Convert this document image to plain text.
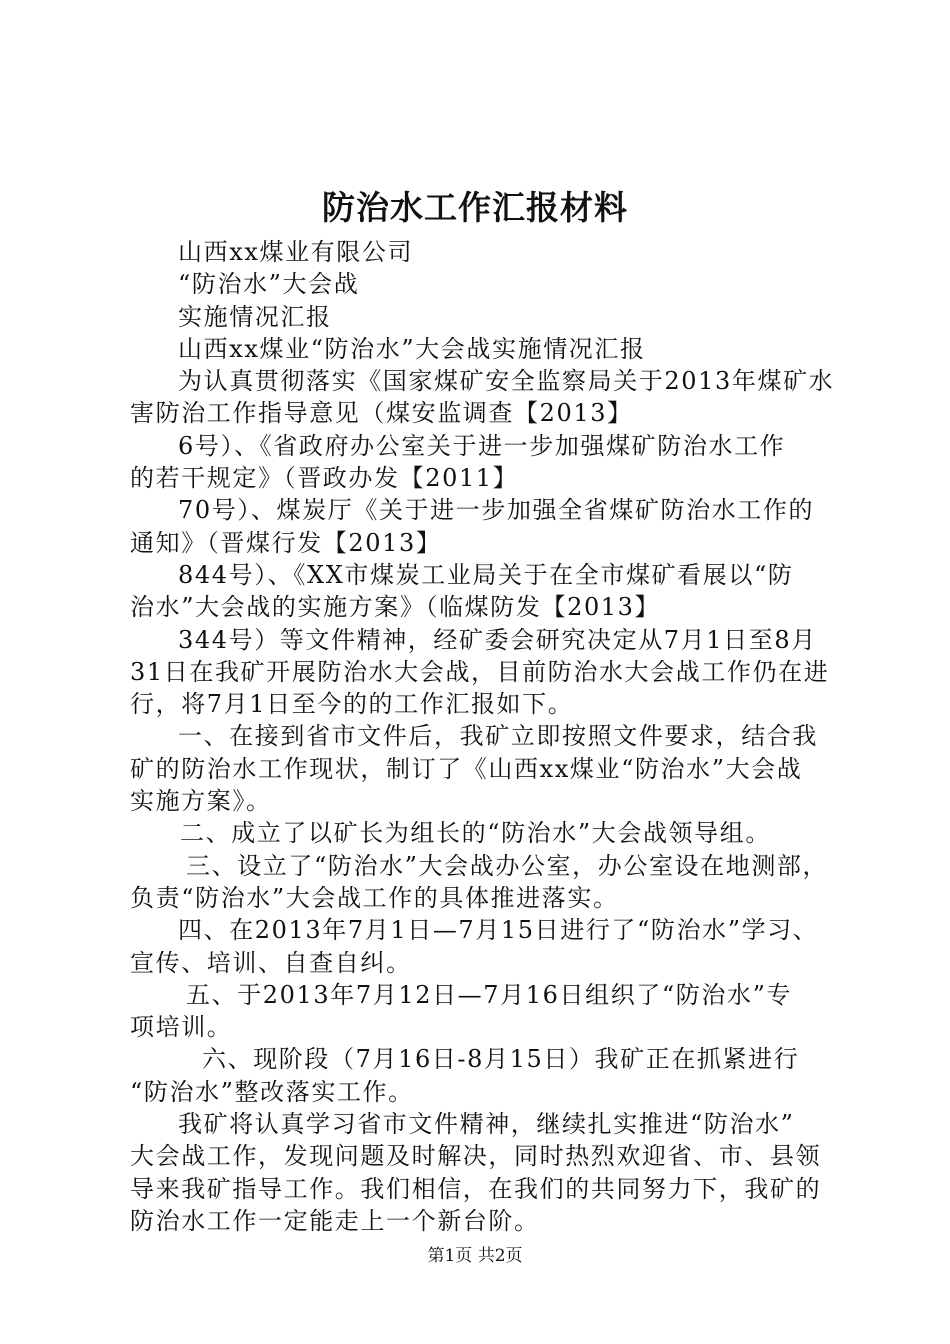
防治水工作汇报材料
山西xx煤业有限公司
“防治水”大会战
实施情况汇报
山西xx煤业“防治水”大会战实施情况汇报
为认真贯彻落实《国家煤矿安全监察局关于2013年煤矿水
害防治工作指导意见（煤安监调查【2013】
6号）、《省政府办公室关于进一步加强煤矿防治水工作
的若干规定》（晋政办发【2011】
70号）、煤炭厅《关于进一步加强全省煤矿防治水工作的
通知》（晋煤行发【2013】
844号）、《XX市煤炭工业局关于在全市煤矿看展以“防
治水”大会战的实施方案》（临煤防发【2013】
344号）等文件精神，经矿委会研究决定从7月1日至8月
31日在我矿开展防治水大会战，目前防治水大会战工作仍在进
行，将7月1日至今的的工作汇报如下。
一、在接到省市文件后，我矿立即按照文件要求，结合我
矿的防治水工作现状，制订了《山西xx煤业“防治水”大会战
实施方案》。
二、成立了以矿长为组长的“防治水”大会战领导组。
三、设立了“防治水”大会战办公室，办公室设在地测部，
负责“防治水”大会战工作的具体推进落实。
四、在2013年7月1日—7月15日进行了“防治水”学习、
宣传、培训、自查自纠。
五、于2013年7月12日—7月16日组织了“防治水”专
项培训。
六、现阶段（7月16日-8月15日）我矿正在抓紧进行
“防治水”整改落实工作。
我矿将认真学习省市文件精神，继续扎实推进“防治水”
大会战工作，发现问题及时解决，同时热烈欢迎省、市、县领
导来我矿指导工作。我们相信，在我们的共同努力下，我矿的
防治水工作一定能走上一个新台阶。
第1页 共2页
